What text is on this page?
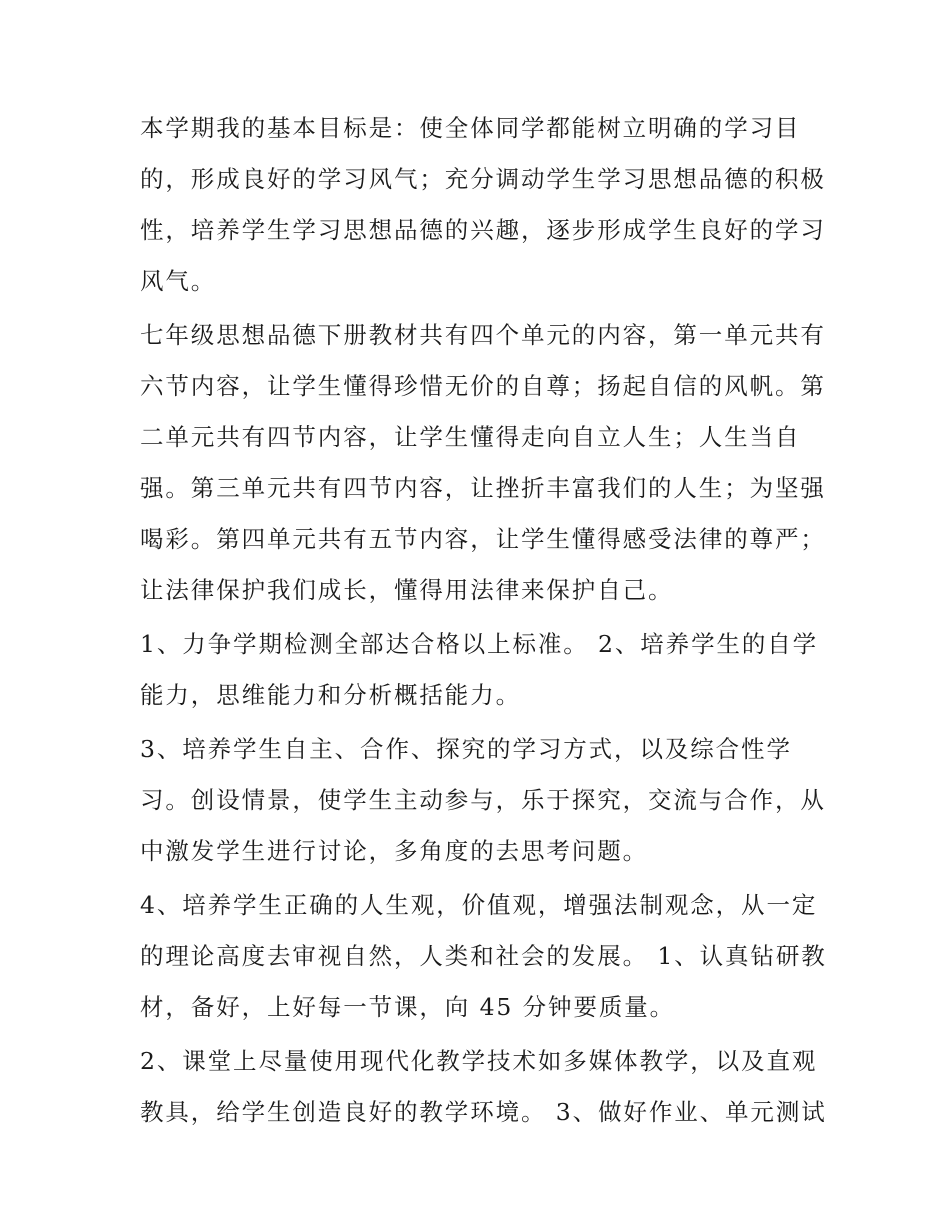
本学期我的基本目标是：使全体同学都能树立明确的学习目
的，形成良好的学习风气；充分调动学生学习思想品德的积极
性，培养学生学习思想品德的兴趣，逐步形成学生良好的学习
风气。
七年级思想品德下册教材共有四个单元的内容，第一单元共有
六节内容，让学生懂得珍惜无价的自尊；扬起自信的风帆。第
二单元共有四节内容，让学生懂得走向自立人生；人生当自
强。第三单元共有四节内容，让挫折丰富我们的人生；为坚强
喝彩。第四单元共有五节内容，让学生懂得感受法律的尊严；
让法律保护我们成长，懂得用法律来保护自己。
1、力争学期检测全部达合格以上标准。 2、培养学生的自学
能力，思维能力和分析概括能力。
3、培养学生自主、合作、探究的学习方式，以及综合性学
习。创设情景，使学生主动参与，乐于探究，交流与合作，从
中激发学生进行讨论，多角度的去思考问题。
4、培养学生正确的人生观，价值观，增强法制观念，从一定
的理论高度去审视自然，人类和社会的发展。 1、认真钻研教
材，备好，上好每一节课，向 45 分钟要质量。
2、课堂上尽量使用现代化教学技术如多媒体教学，以及直观
教具，给学生创造良好的教学环境。 3、做好作业、单元测试
